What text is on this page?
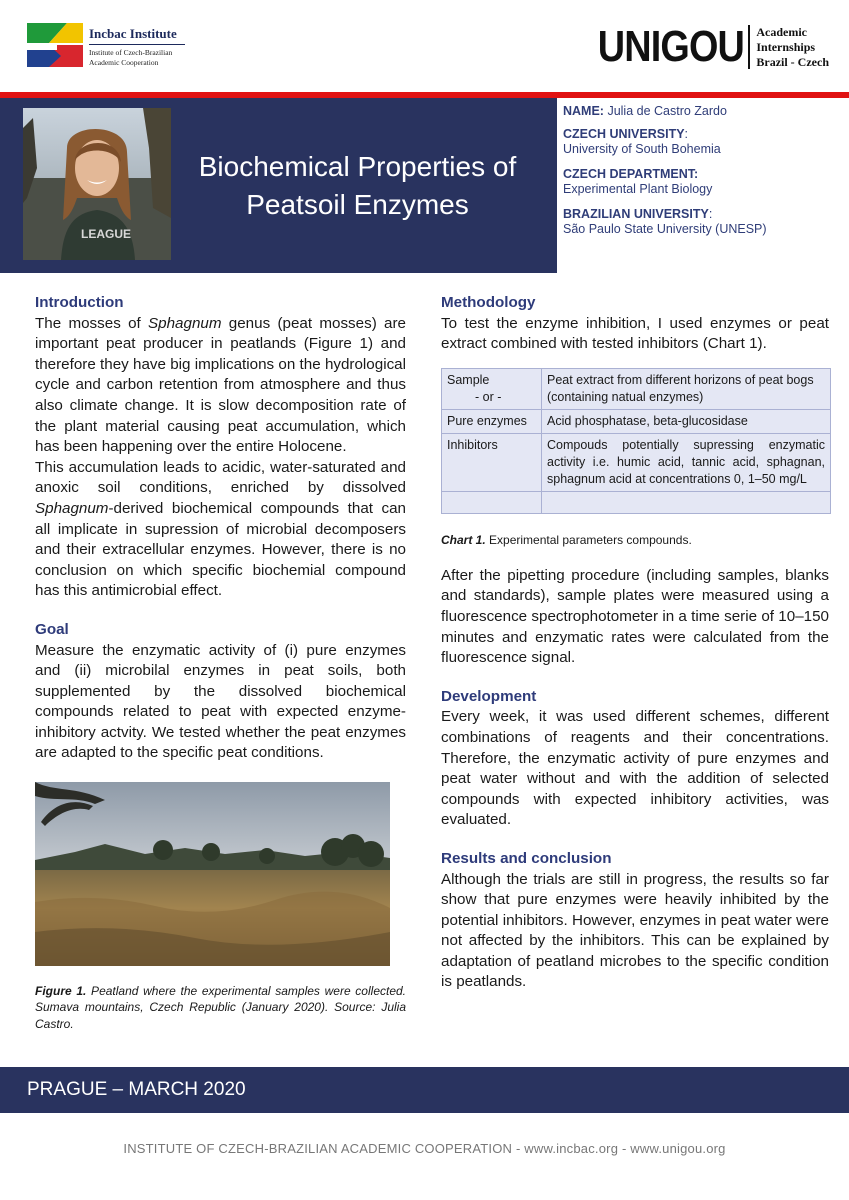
Incbac Institute
Institute of Czech-Brazilian
Academic Cooperation	UNIGOU Academic
Internships
Brazil - Czech
LEAGUE
Biochemical Properties of
Peatsoil Enzymes
NAME: Julia de Castro Zardo
CZECH UNIVERSITY:
University of South Bohemia
CZECH DEPARTMENT:
Experimental Plant Biology
BRAZILIAN UNIVERSITY:
São Paulo State University (UNESP)
Introduction

The mosses of Sphagnum genus (peat mosses) are important peat producer in peatlands (Figure 1) and therefore they have big implications on the hydrological cycle and carbon retention from atmosphere and thus also climate change. It is slow decomposition rate of the plant material causing peat accumulation, which has been happening over the entire Holocene.

This accumulation leads to acidic, water-saturated and anoxic soil conditions, enriched by dissolved Sphagnum-derived biochemical compounds that can all implicate in supression of microbial decomposers and their extracellular enzymes. However, there is no conclusion on which specific biochemial compound has this antimicrobial effect.

Goal

Measure the enzymatic activity of (i) pure enzymes and (ii) microbilal enzymes in peat soils, both supplemented by the dissolved biochemical compounds related to peat with expected enzyme-inhibitory actvity. We tested whether the peat enzymes are adapted to the specific peat conditions.

Figure 1. Peatland where the experimental samples were collected. Sumava mountains, Czech Republic (January 2020). Source: Julia Castro.
Methodology

To test the enzyme inhibition, I used enzymes or peat extract combined with tested inhibitors (Chart 1).

Sample
- or -	Peat extract from different horizons of peat bogs (containing natual enzymes)
Pure enzymes	Acid phosphatase, beta-glucosidase
Inhibitors	Compouds potentially supressing enzymatic activity i.e. humic acid, tannic acid, sphagnan, sphagnum acid at concentrations 0, 1–50 mg/L

Chart 1. Experimental parameters compounds.

After the pipetting procedure (including samples, blanks and standards), sample plates were measured using a fluorescence spectrophotometer in a time serie of 10–150 minutes and enzymatic rates were calculated from the fluorescence signal.

Development

Every week, it was used different schemes, different combinations of reagents and their concentrations. Therefore, the enzymatic activity of pure enzymes and peat water without and with the addition of selected compounds with expected inhibitory activities, was evaluated.

Results and conclusion

Although the trials are still in progress, the results so far show that pure enzymes were heavily inhibited by the potential inhibitors. However, enzymes in peat water were not affected by the inhibitors. This can be explained by adaptation of peatland microbes to the specific condition is peatlands.

PRAGUE – MARCH 2020
INSTITUTE OF CZECH-BRAZILIAN ACADEMIC COOPERATION - www.incbac.org - www.unigou.org
